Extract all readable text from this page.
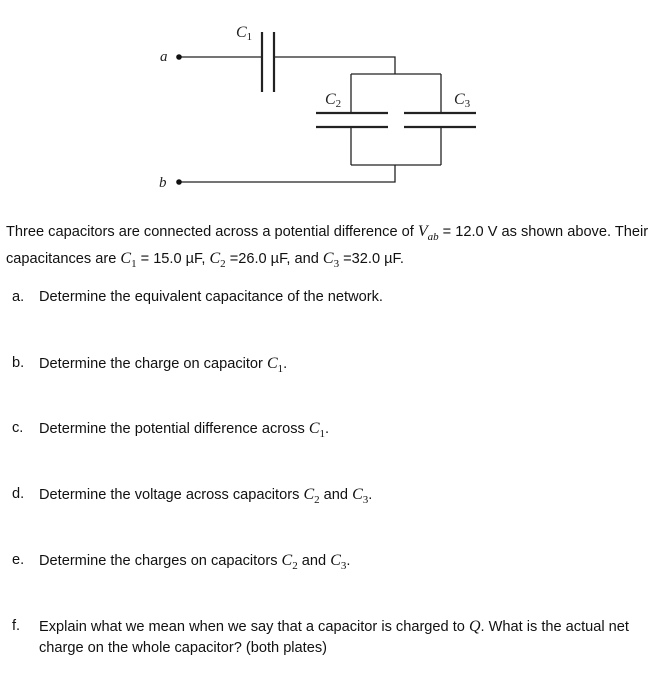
a
b
C1
C2	C3

Three capacitors are connected across a potential difference of $V_{ab} = 12.0$ V as shown above. Their capacitances are $C_1 = 15.0$ µF, $C_2 =26.0$ µF, and $C_3 =32.0$ µF.

a. Determine the equivalent capacitance of the network.
b. Determine the charge on capacitor $C_1$.
c. Determine the potential difference across $C_1$.
d. Determine the voltage across capacitors $C_2$ and $C_3$.
e. Determine the charges on capacitors $C_2$ and $C_3$.
f. Explain what we mean when we say that a capacitor is charged to Q. What is the actual net charge on the whole capacitor? (both plates)
